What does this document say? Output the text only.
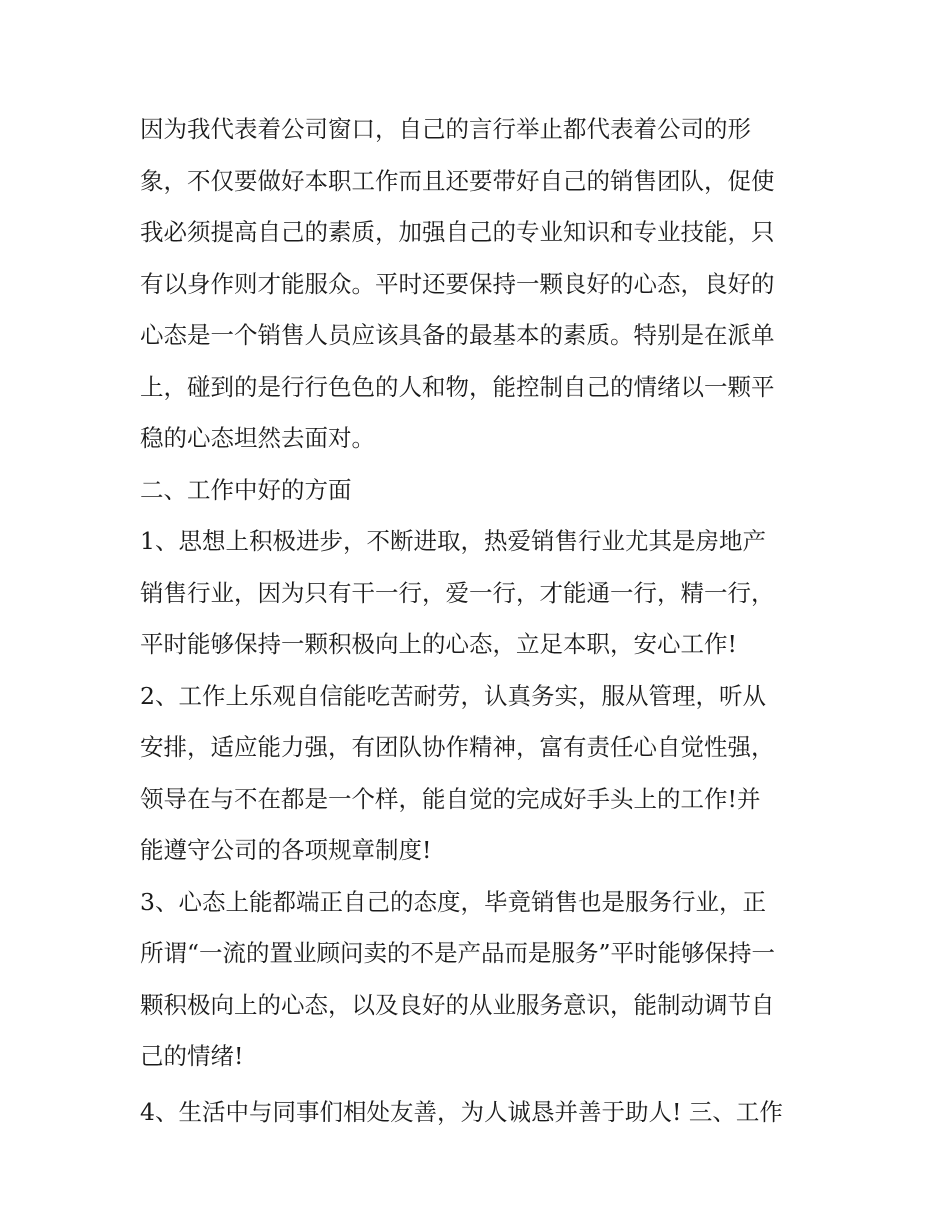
因为我代表着公司窗口，自己的言行举止都代表着公司的形
象，不仅要做好本职工作而且还要带好自己的销售团队，促使
我必须提高自己的素质，加强自己的专业知识和专业技能，只
有以身作则才能服众。平时还要保持一颗良好的心态，良好的
心态是一个销售人员应该具备的最基本的素质。特别是在派单
上，碰到的是行行色色的人和物，能控制自己的情绪以一颗平
稳的心态坦然去面对。
二、工作中好的方面
1、思想上积极进步，不断进取，热爱销售行业尤其是房地产
销售行业，因为只有干一行，爱一行，才能通一行，精一行，
平时能够保持一颗积极向上的心态，立足本职，安心工作!
2、工作上乐观自信能吃苦耐劳，认真务实，服从管理，听从
安排，适应能力强，有团队协作精神，富有责任心自觉性强，
领导在与不在都是一个样，能自觉的完成好手头上的工作!并
能遵守公司的各项规章制度!
3、心态上能都端正自己的态度，毕竟销售也是服务行业，正
所谓“一流的置业顾问卖的不是产品而是服务”平时能够保持一
颗积极向上的心态，以及良好的从业服务意识，能制动调节自
己的情绪!
4、生活中与同事们相处友善，为人诚恳并善于助人! 三、工作
